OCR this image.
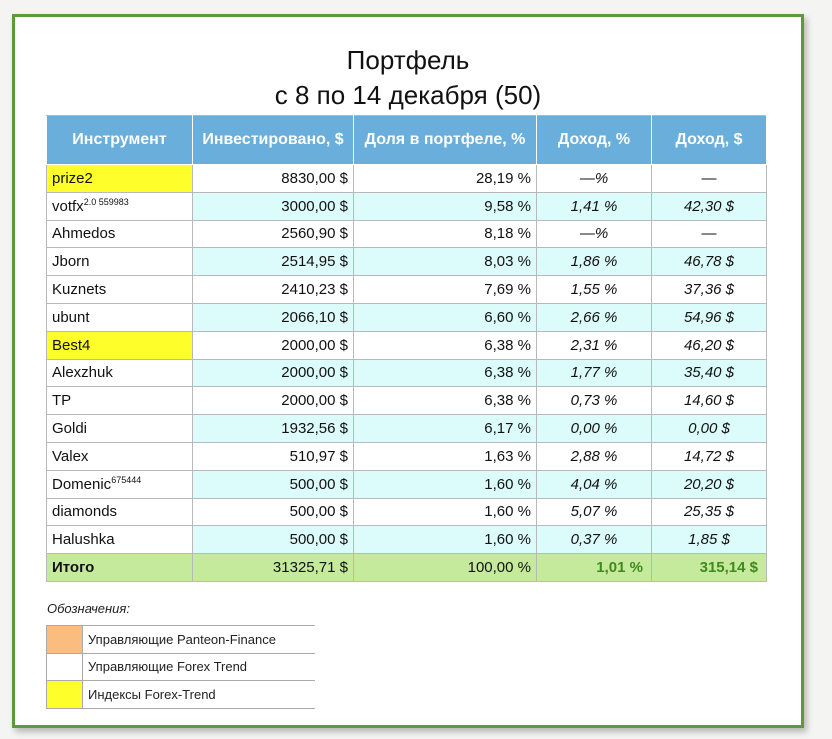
Портфель
с 8 по 14 декабря (50)
Инструмент	Инвестировано, $	Доля в портфеле, %	Доход, %	Доход, $
prize2	8830,00 $	28,19 %	—%	—
votfx$^{2.0 559983}$	3000,00 $	9,58 %	1,41 %	42,30 $
Ahmedos	2560,90 $	8,18 %	—%	—
Jborn	2514,95 $	8,03 %	1,86 %	46,78 $
Kuznets	2410,23 $	7,69 %	1,55 %	37,36 $
ubunt	2066,10 $	6,60 %	2,66 %	54,96 $
Best4	2000,00 $	6,38 %	2,31 %	46,20 $
Alexzhuk	2000,00 $	6,38 %	1,77 %	35,40 $
TP	2000,00 $	6,38 %	0,73 %	14,60 $
Goldi	1932,56 $	6,17 %	0,00 %	0,00 $
Valex	510,97 $	1,63 %	2,88 %	14,72 $
Domenic$^{675444}$	500,00 $	1,60 %	4,04 %	20,20 $
diamonds	500,00 $	1,60 %	5,07 %	25,35 $
Halushka	500,00 $	1,60 %	0,37 %	1,85 $
Итого	31325,71 $	100,00 %	1,01 %	315,14 $
Обозначения:
	Управляющие Panteon-Finance
	Управляющие Forex Trend
	Индексы Forex-Trend
